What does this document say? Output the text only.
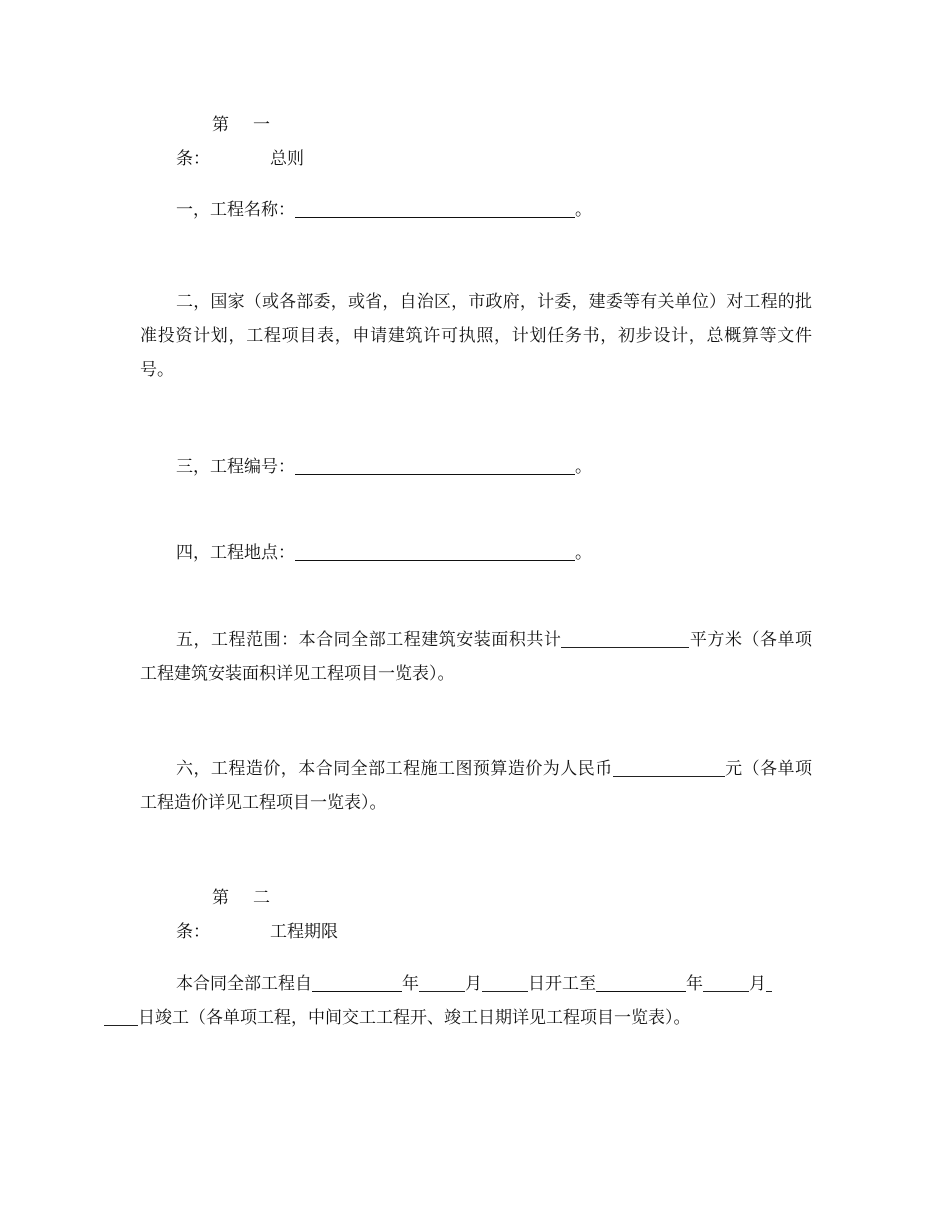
第一条：	总则

一，工程名称：	。

二，国家（或各部委，或省，自治区，市政府，计委，建委等有关单位）对工程的批准投资计划，工程项目表，申请建筑许可执照，计划任务书，初步设计，总概算等文件号。

三，工程编号：	。

四，工程地点：	。

五，工程范围：本合同全部工程建筑安装面积共计	平方米（各单项工程建筑安装面积详见工程项目一览表）。

六，工程造价，本合同全部工程施工图预算造价为人民币	元（各单项工程造价详见工程项目一览表）。

第二条：	工程期限

本合同全部工程自	年	月	日开工至	年	月
日竣工（各单项工程，中间交工工程开、竣工日期详见工程项目一览表）。
